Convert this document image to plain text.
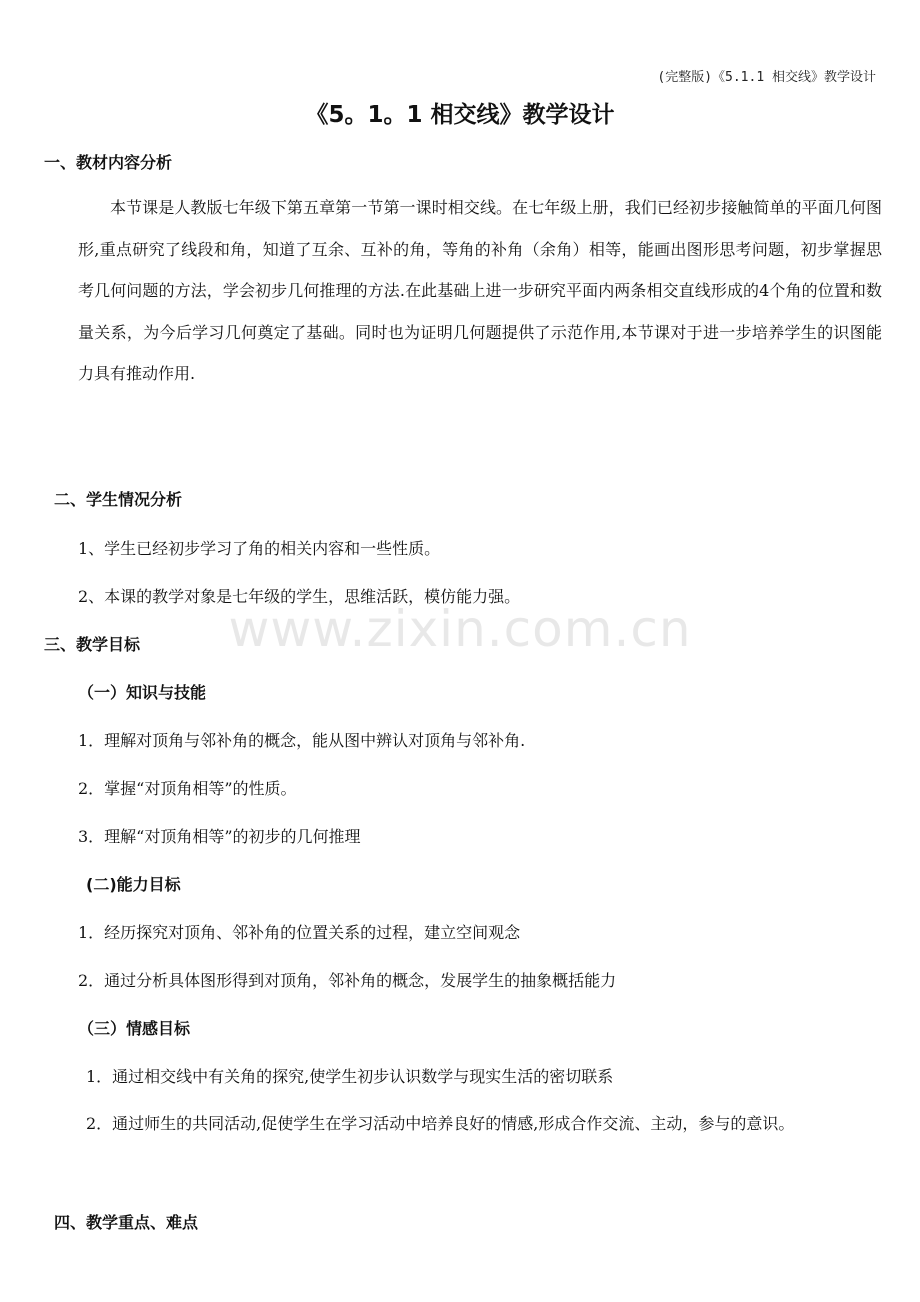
(完整版)《5.1.1 相交线》教学设计
《5。1。1 相交线》教学设计
一、教材内容分析
本节课是人教版七年级下第五章第一节第一课时相交线。在七年级上册，我们已经初步接触简单的平面几何图形,重点研究了线段和角，知道了互余、互补的角，等角的补角（余角）相等，能画出图形思考问题，初步掌握思考几何问题的方法，学会初步几何推理的方法.在此基础上进一步研究平面内两条相交直线形成的4个角的位置和数量关系，为今后学习几何奠定了基础。同时也为证明几何题提供了示范作用,本节课对于进一步培养学生的识图能力具有推动作用.
二、学生情况分析
1、学生已经初步学习了角的相关内容和一些性质。
2、本课的教学对象是七年级的学生，思维活跃，模仿能力强。
三、教学目标
（一）知识与技能
1．理解对顶角与邻补角的概念，能从图中辨认对顶角与邻补角.
2．掌握“对顶角相等”的性质。
3．理解“对顶角相等”的初步的几何推理
(二)能力目标
1．经历探究对顶角、邻补角的位置关系的过程，建立空间观念
2．通过分析具体图形得到对顶角，邻补角的概念，发展学生的抽象概括能力
（三）情感目标
1．通过相交线中有关角的探究,使学生初步认识数学与现实生活的密切联系
2．通过师生的共同活动,促使学生在学习活动中培养良好的情感,形成合作交流、主动，参与的意识。
四、教学重点、难点
www.zixin.com.cn
